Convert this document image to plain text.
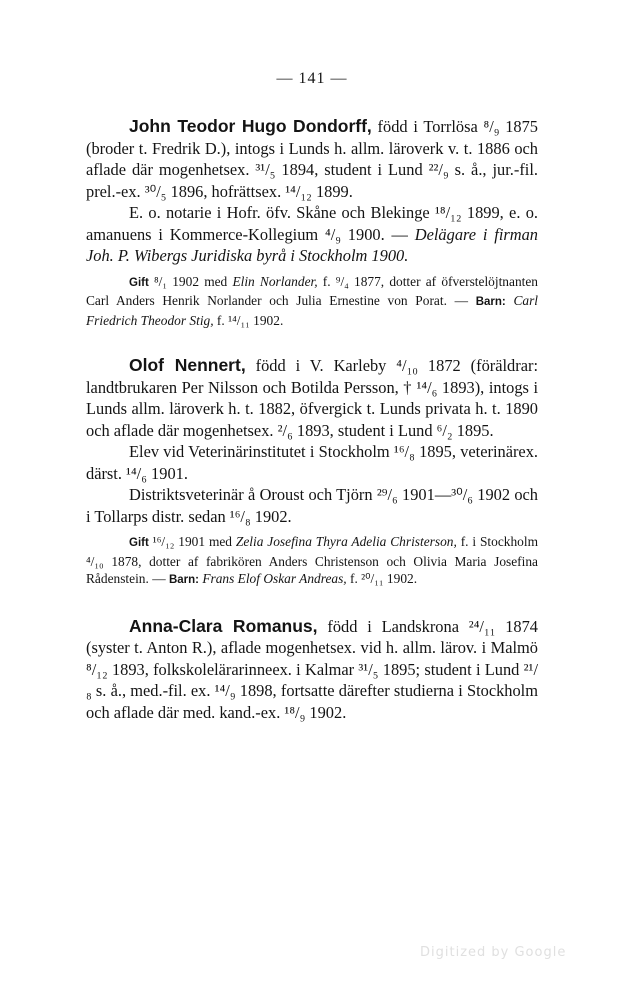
— 141 —

John Teodor Hugo Dondorff, född i Torrlösa ⁸/₉ 1875 (broder t. Fredrik D.), intogs i Lunds h. allm. läroverk v. t. 1886 och aflade där mogenhetsex. ³¹/₅ 1894, student i Lund ²²/₉ s. å., jur.-fil. prel.-ex. ³⁰/₅ 1896, hofrättsex. ¹⁴/₁₂ 1899.

E. o. notarie i Hofr. öfv. Skåne och Blekinge ¹⁸/₁₂ 1899, e. o. amanuens i Kommerce-Kollegium ⁴/₉ 1900. — Delägare i firman Joh. P. Wibergs Juridiska byrå i Stockholm 1900.

Gift ⁸/₁ 1902 med Elin Norlander, f. ⁹/₄ 1877, dotter af öfverstelöjtnanten Carl Anders Henrik Norlander och Julia Ernestine von Porat. — Barn: Carl Friedrich Theodor Stig, f. ¹⁴/₁₁ 1902.

Olof Nennert, född i V. Karleby ⁴/₁₀ 1872 (föräldrar: landtbrukaren Per Nilsson och Botilda Persson, † ¹⁴/₆ 1893), intogs i Lunds allm. läroverk h. t. 1882, öfvergick t. Lunds privata h. t. 1890 och aflade där mogenhetsex. ²/₆ 1893, student i Lund ⁶/₂ 1895.

Elev vid Veterinärinstitutet i Stockholm ¹⁶/₈ 1895, veterinärex. därst. ¹⁴/₆ 1901.

Distriktsveterinär å Oroust och Tjörn ²⁹/₆ 1901—³⁰/₆ 1902 och i Tollarps distr. sedan ¹⁶/₈ 1902.

Gift ¹⁶/₁₂ 1901 med Zelia Josefina Thyra Adelia Christerson, f. i Stockholm ⁴/₁₀ 1878, dotter af fabrikören Anders Christenson och Olivia Maria Josefina Rådenstein. — Barn: Frans Elof Oskar Andreas, f. ²⁰/₁₁ 1902.

Anna-Clara Romanus, född i Landskrona ²⁴/₁₁ 1874 (syster t. Anton R.), aflade mogenhetsex. vid h. allm. lärov. i Malmö ⁸/₁₂ 1893, folkskolelärarinneex. i Kalmar ³¹/₅ 1895; student i Lund ²¹/₈ s. å., med.-fil. ex. ¹⁴/₉ 1898, fortsatte därefter studierna i Stockholm och aflade där med. kand.-ex. ¹⁸/₉ 1902.

Digitized by Google
